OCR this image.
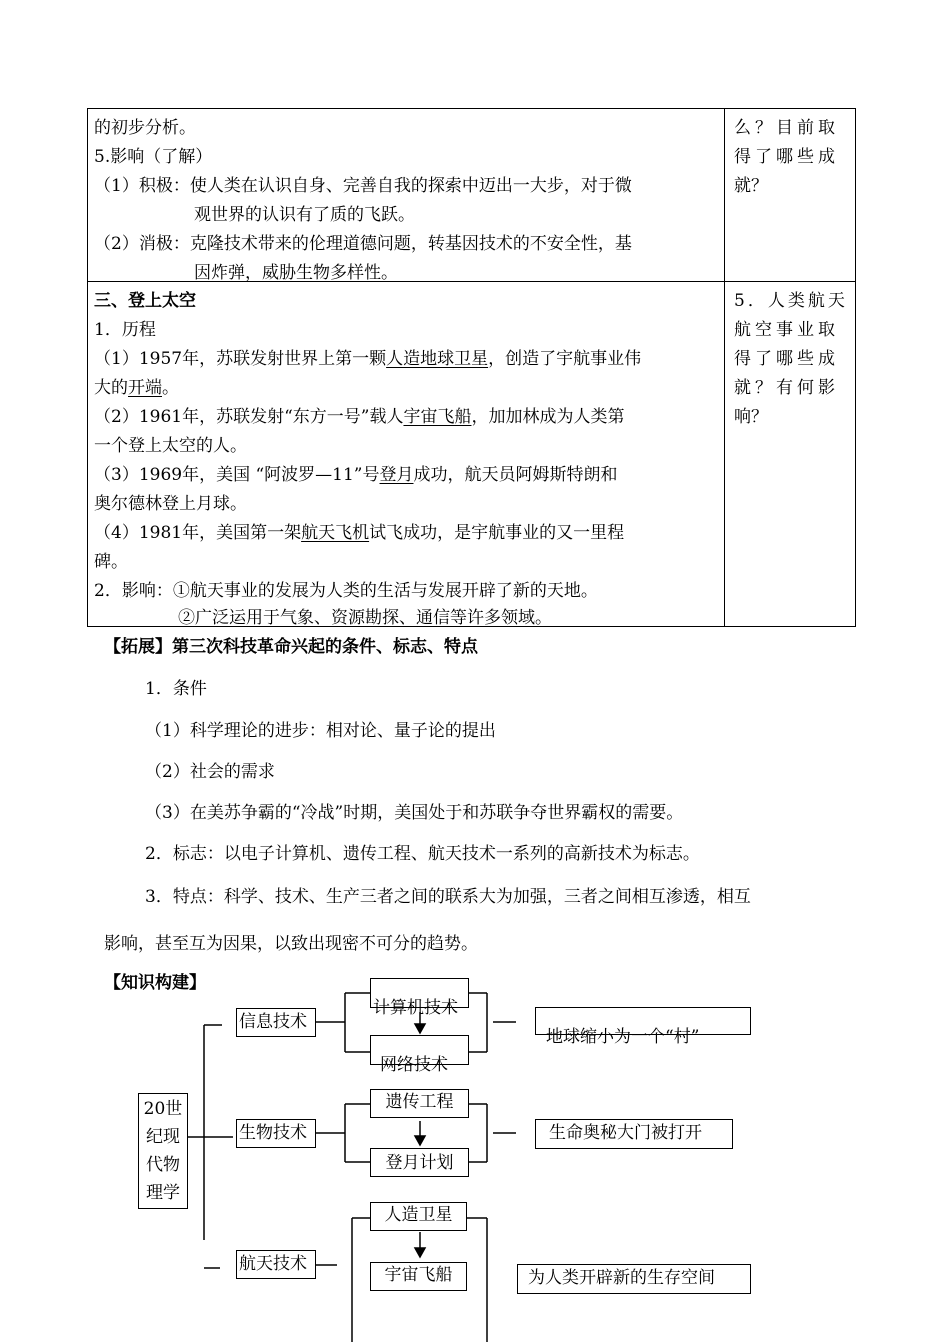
的初步分析。
5.影响（了解）
（1）积极：使人类在认识自身、完善自我的探索中迈出一大步，对于微
观世界的认识有了质的飞跃。
（2）消极：克隆技术带来的伦理道德问题，转基因技术的不安全性，基
因炸弹，威胁生物多样性。
三、登上太空
1．历程
（1）1957年，苏联发射世界上第一颗人造地球卫星，创造了宇航事业伟
大的开端。
（2）1961年，苏联发射“东方一号”载人宇宙飞船，加加林成为人类第
一个登上太空的人。
（3）1969年，美国 “阿波罗—11”号登月成功，航天员阿姆斯特朗和
奥尔德林登上月球。
（4）1981年，美国第一架航天飞机试飞成功，是宇航事业的又一里程
碑。
2．影响：①航天事业的发展为人类的生活与发展开辟了新的天地。
②广泛运用于气象、资源勘探、通信等许多领域。
么？目前取
得了哪些成
就？
5．人类航天
航空事业取
得了哪些成
就？有何影
响？
【拓展】第三次科技革命兴起的条件、标志、特点
1．条件
（1）科学理论的进步：相对论、量子论的提出
（2）社会的需求
（3）在美苏争霸的“冷战”时期，美国处于和苏联争夺世界霸权的需要。
2．标志：以电子计算机、遗传工程、航天技术一系列的高新技术为标志。
3．特点：科学、技术、生产三者之间的联系大为加强，三者之间相互渗透，相互
影响，甚至互为因果，以致出现密不可分的趋势。
【知识构建】
20世
纪现
代物
理学
信息技术
生物技术
航天技术
计算机技术
网络技术
遗传工程
登月计划
人造卫星
宇宙飞船
地球缩小为一个“村”
生命奥秘大门被打开
为人类开辟新的生存空间
